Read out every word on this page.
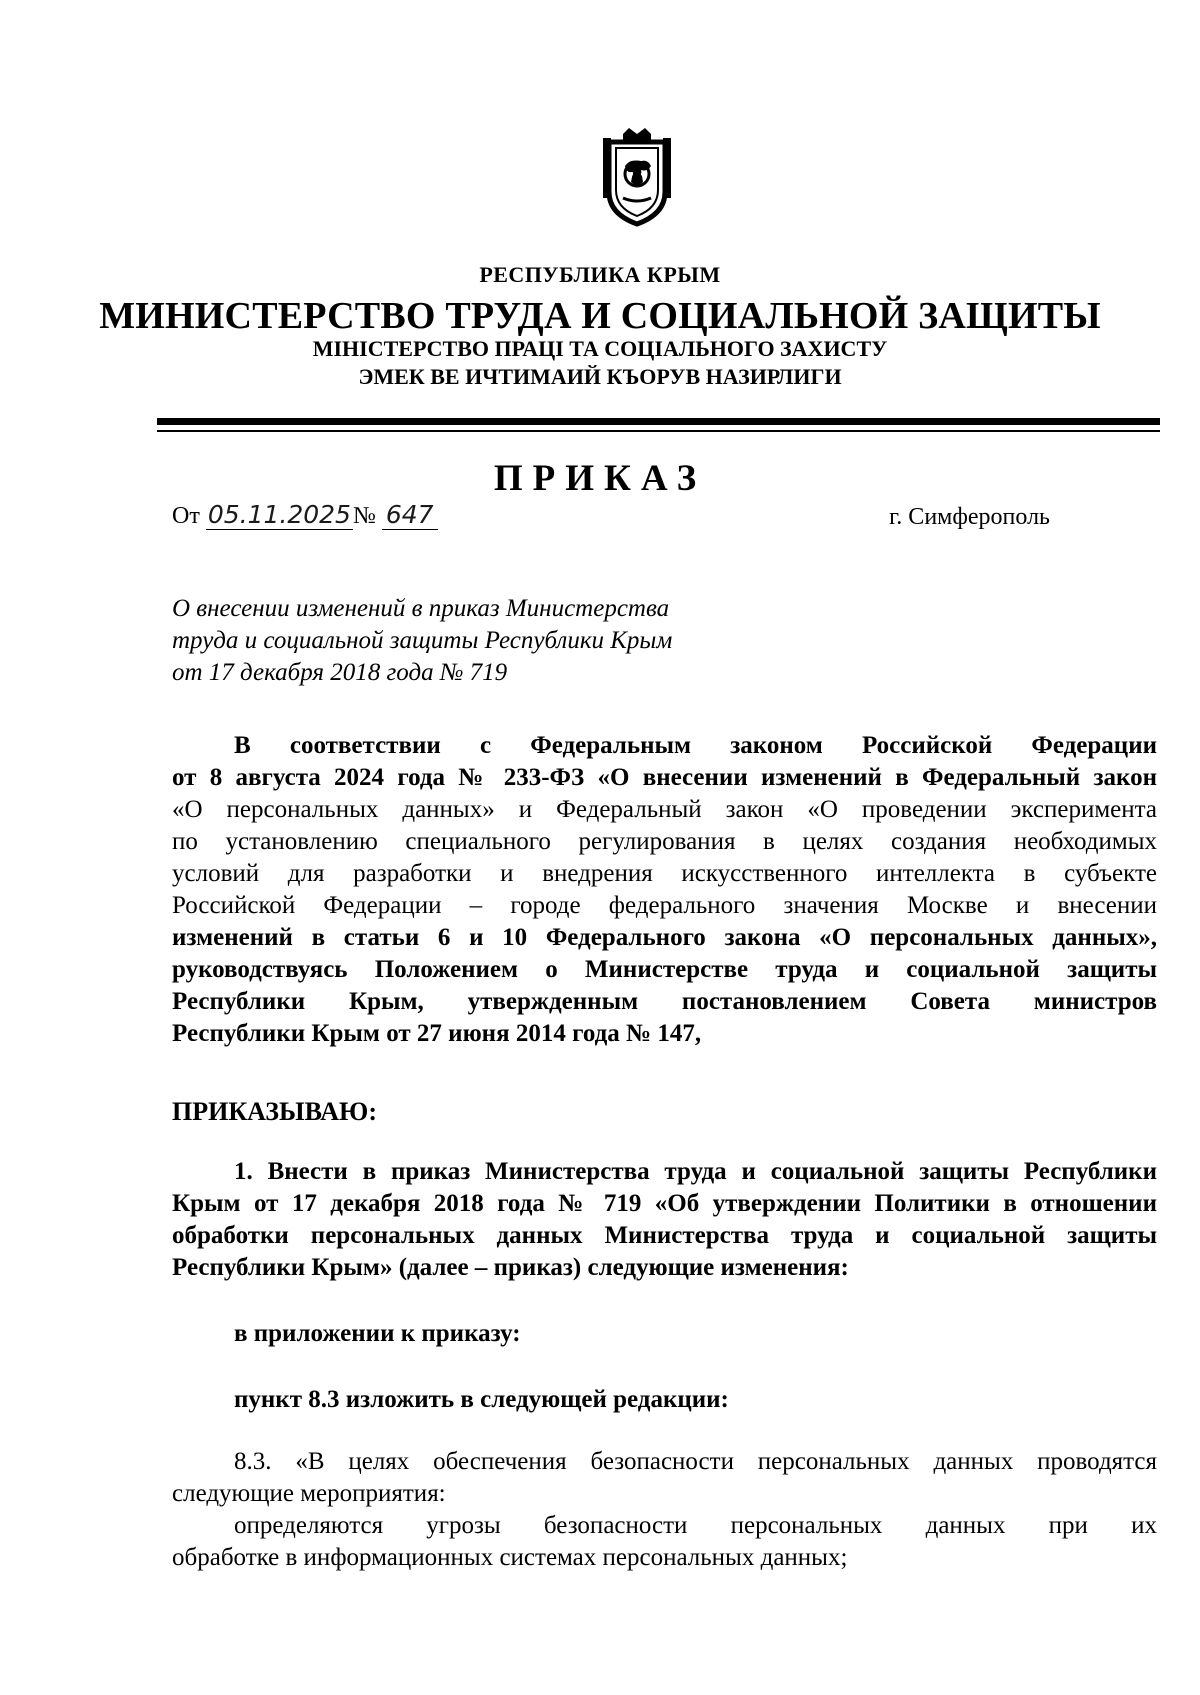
РЕСПУБЛИКА КРЫМ
МИНИСТЕРСТВО ТРУДА И СОЦИАЛЬНОЙ ЗАЩИТЫ
МІНІСТЕРСТВО ПРАЦІ ТА СОЦІАЛЬНОГО ЗАХИСТУ
ЭМЕК ВЕ ИЧТИМАИЙ КЪОРУВ НАЗИРЛИГИ
ПРИКАЗ
От 05.11.2025№ 647	г. Симферополь
О внесении изменений в приказ Министерства
труда и социальной защиты Республики Крым
от 17 декабря 2018 года № 719
В соответствии с Федеральным законом Российской Федерации
от 8 августа 2024 года № 233-ФЗ «О внесении изменений в Федеральный закон
«О персональных данных» и Федеральный закон «О проведении эксперимента
по установлению специального регулирования в целях создания необходимых
условий для разработки и внедрения искусственного интеллекта в субъекте
Российской Федерации – городе федерального значения Москве и внесении
изменений в статьи 6 и 10 Федерального закона «О персональных данных»,
руководствуясь Положением о Министерстве труда и социальной защиты
Республики Крым, утвержденным постановлением Совета министров
Республики Крым от 27 июня 2014 года № 147,
ПРИКАЗЫВАЮ:
1. Внести в приказ Министерства труда и социальной защиты Республики
Крым от 17 декабря 2018 года № 719 «Об утверждении Политики в отношении
обработки персональных данных Министерства труда и социальной защиты
Республики Крым» (далее – приказ) следующие изменения:
в приложении к приказу:
пункт 8.3 изложить в следующей редакции:
8.3. «В целях обеспечения безопасности персональных данных проводятся
следующие мероприятия:
определяются угрозы безопасности персональных данных при их
обработке в информационных системах персональных данных;
